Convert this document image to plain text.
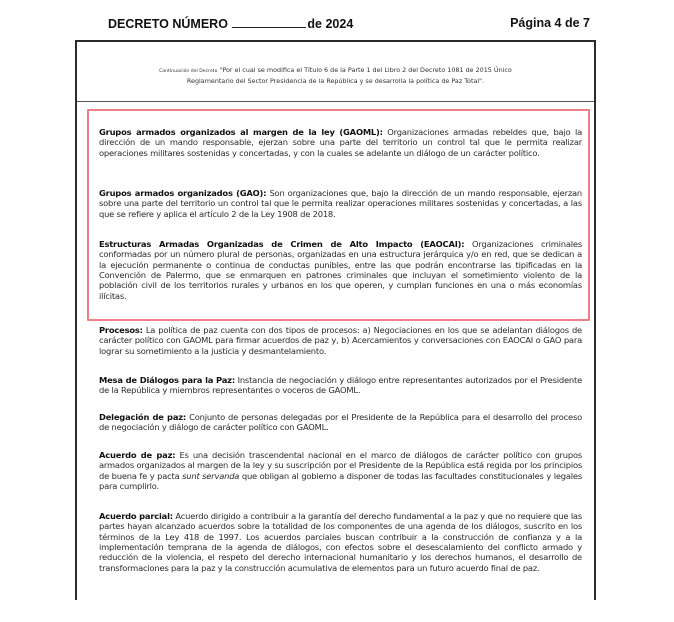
DECRETO NÚMERO	de 2024	Página 4 de 7
Continuación del Decreto "Por el cual se modifica el Título 6 de la Parte 1 del Libro 2 del Decreto 1081 de 2015 Único
Reglamentario del Sector Presidencia de la República y se desarrolla la política de Paz Total".

Grupos armados organizados al margen de la ley (GAOML): Organizaciones armadas rebeldes que, bajo la dirección de un mando responsable, ejerzan sobre una parte del territorio un control tal que le permita realizar operaciones militares sostenidas y concertadas, y con la cuales se adelante un diálogo de un carácter político.

Grupos armados organizados (GAO): Son organizaciones que, bajo la dirección de un mando responsable, ejerzan sobre una parte del territorio un control tal que le permita realizar operaciones militares sostenidas y concertadas, a las que se refiere y aplica el artículo 2 de la Ley 1908 de 2018.

Estructuras Armadas Organizadas de Crimen de Alto Impacto (EAOCAI): Organizaciones criminales conformadas por un número plural de personas, organizadas en una estructura jerárquica y/o en red, que se dedican a la ejecución permanente o continua de conductas punibles, entre las que podrán encontrarse las tipificadas en la Convención de Palermo, que se enmarquen en patrones criminales que incluyan el sometimiento violento de la población civil de los territorios rurales y urbanos en los que operen, y cumplan funciones en una o más economías ilícitas.

Procesos: La política de paz cuenta con dos tipos de procesos: a) Negociaciones en los que se adelantan diálogos de carácter político con GAOML para firmar acuerdos de paz y, b) Acercamientos y conversaciones con EAOCAI o GAO para lograr su sometimiento a la justicia y desmantelamiento.

Mesa de Diálogos para la Paz: Instancia de negociación y diálogo entre representantes autorizados por el Presidente de la República y miembros representantes o voceros de GAOML.

Delegación de paz: Conjunto de personas delegadas por el Presidente de la República para el desarrollo del proceso de negociación y diálogo de carácter político con GAOML.

Acuerdo de paz: Es una decisión trascendental nacional en el marco de diálogos de carácter político con grupos armados organizados al margen de la ley y su suscripción por el Presidente de la República está regida por los principios de buena fe y pacta sunt servanda que obligan al gobierno a disponer de todas las facultades constitucionales y legales para cumplirlo.

Acuerdo parcial: Acuerdo dirigido a contribuir a la garantía del derecho fundamental a la paz y que no requiere que las partes hayan alcanzado acuerdos sobre la totalidad de los componentes de una agenda de los diálogos, suscrito en los términos de la Ley 418 de 1997. Los acuerdos parciales buscan contribuir a la construcción de confianza y a la implementación temprana de la agenda de diálogos, con efectos sobre el desescalamiento del conflicto armado y reducción de la violencia, el respeto del derecho internacional humanitario y los derechos humanos, el desarrollo de transformaciones para la paz y la construcción acumulativa de elementos para un futuro acuerdo final de paz.
